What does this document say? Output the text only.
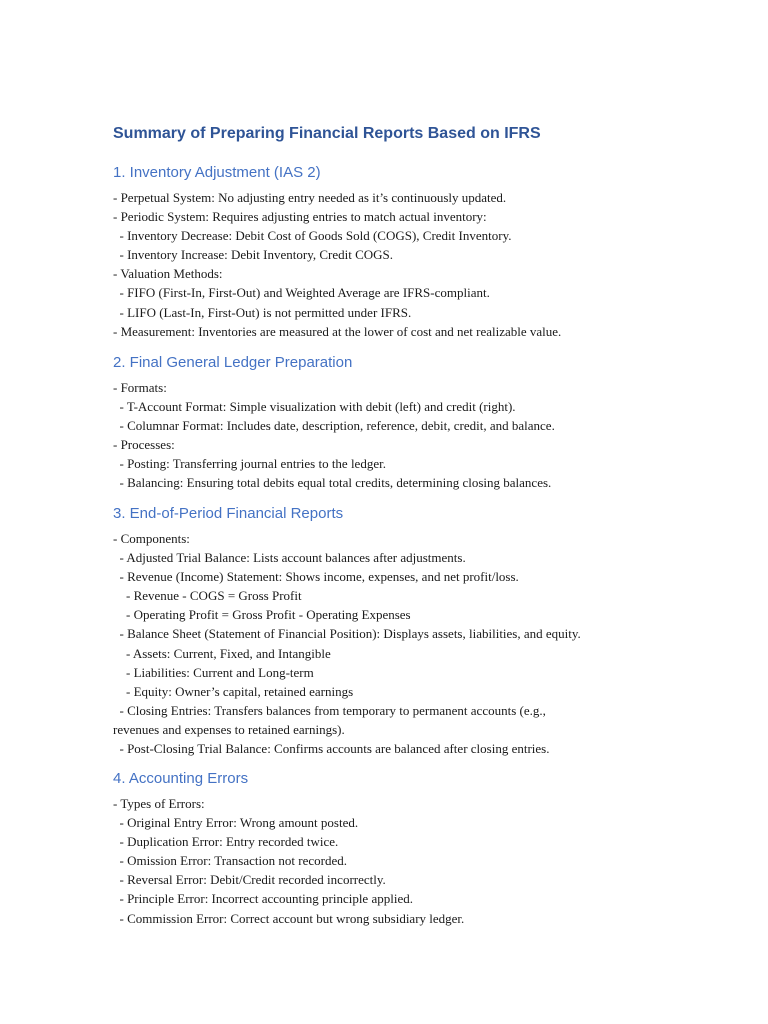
Summary of Preparing Financial Reports Based on IFRS
1. Inventory Adjustment (IAS 2)
- Perpetual System: No adjusting entry needed as it’s continuously updated.
- Periodic System: Requires adjusting entries to match actual inventory:
- Inventory Decrease: Debit Cost of Goods Sold (COGS), Credit Inventory.
- Inventory Increase: Debit Inventory, Credit COGS.
- Valuation Methods:
- FIFO (First-In, First-Out) and Weighted Average are IFRS-compliant.
- LIFO (Last-In, First-Out) is not permitted under IFRS.
- Measurement: Inventories are measured at the lower of cost and net realizable value.
2. Final General Ledger Preparation
- Formats:
- T-Account Format: Simple visualization with debit (left) and credit (right).
- Columnar Format: Includes date, description, reference, debit, credit, and balance.
- Processes:
- Posting: Transferring journal entries to the ledger.
- Balancing: Ensuring total debits equal total credits, determining closing balances.
3. End-of-Period Financial Reports
- Components:
- Adjusted Trial Balance: Lists account balances after adjustments.
- Revenue (Income) Statement: Shows income, expenses, and net profit/loss.
- Revenue - COGS = Gross Profit
- Operating Profit = Gross Profit - Operating Expenses
- Balance Sheet (Statement of Financial Position): Displays assets, liabilities, and equity.
- Assets: Current, Fixed, and Intangible
- Liabilities: Current and Long-term
- Equity: Owner’s capital, retained earnings
- Closing Entries: Transfers balances from temporary to permanent accounts (e.g.,
revenues and expenses to retained earnings).
- Post-Closing Trial Balance: Confirms accounts are balanced after closing entries.
4. Accounting Errors
- Types of Errors:
- Original Entry Error: Wrong amount posted.
- Duplication Error: Entry recorded twice.
- Omission Error: Transaction not recorded.
- Reversal Error: Debit/Credit recorded incorrectly.
- Principle Error: Incorrect accounting principle applied.
- Commission Error: Correct account but wrong subsidiary ledger.
